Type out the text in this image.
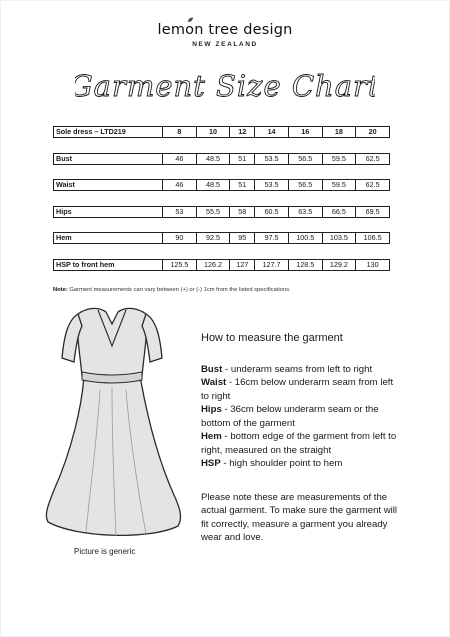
lemo
n tree design
NEW ZEALAND
Garment Size Chart
Sole dress – LTD219	8	10	12	14	16	18	20

Bust	46	48.5	51	53.5	56.5	59.5	62.5

Waist	46	48.5	51	53.5	56.5	59.5	62.5

Hips	53	55.5	58	60.5	63.5	66.5	69.5

Hem	90	92.5	95	97.5	100.5	103.5	106.5

HSP to front hem	125.5	126.2	127	127.7	128.5	129.2	130
Note: Garment measurements can vary between (+) or (-) 1cm from the listed specifications.
Picture is generic
How to measure the garment

Bust - underarm seams from left to right

Waist - 16cm below underarm seam from left to right

Hips - 36cm below underarm seam or the bottom of the garment

Hem - bottom edge of the garment from left to right, measured on the straight

HSP - high shoulder point to hem

Please note these are measurements of the actual garment. To make sure the garment will fit correctly, measure a garment you already wear and love.
